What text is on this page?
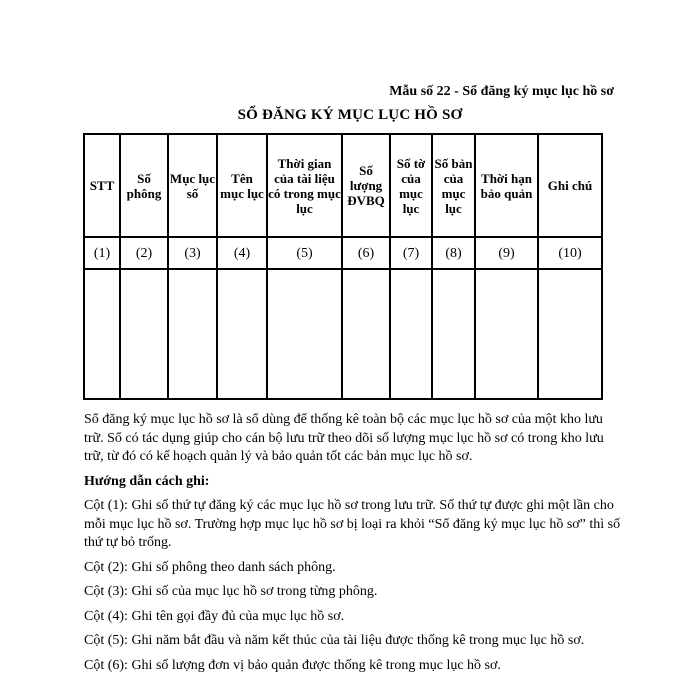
Mẫu số 22 - Sổ đăng ký mục lục hồ sơ
SỔ ĐĂNG KÝ MỤC LỤC HỒ SƠ
STT	Số phông	Mục lục số	Tên mục lục	Thời gian của tài liệu có trong mục lục	Số lượng ĐVBQ	Số tờ của mục lục	Số bản của mục lục	Thời hạn bảo quản	Ghi chú
(1)	(2)	(3)	(4)	(5)	(6)	(7)	(8)	(9)	(10)

Sổ đăng ký mục lục hồ sơ là sổ dùng để thống kê toàn bộ các mục lục hồ sơ của một kho lưu trữ. Sổ có tác dụng giúp cho cán bộ lưu trữ theo dõi số lượng mục lục hồ sơ có trong kho lưu trữ, từ đó có kế hoạch quản lý và bảo quản tốt các bản mục lục hồ sơ.

Hướng dẫn cách ghi:

Cột (1): Ghi số thứ tự đăng ký các mục lục hồ sơ trong lưu trữ. Số thứ tự được ghi một lần cho mỗi mục lục hồ sơ. Trường hợp mục lục hồ sơ bị loại ra khỏi “Sổ đăng ký mục lục hồ sơ” thì số thứ tự bỏ trống.

Cột (2): Ghi số phông theo danh sách phông.

Cột (3): Ghi số của mục lục hồ sơ trong từng phông.

Cột (4): Ghi tên gọi đầy đủ của mục lục hồ sơ.

Cột (5): Ghi năm bắt đầu và năm kết thúc của tài liệu được thống kê trong mục lục hồ sơ.

Cột (6): Ghi số lượng đơn vị bảo quản được thống kê trong mục lục hồ sơ.
